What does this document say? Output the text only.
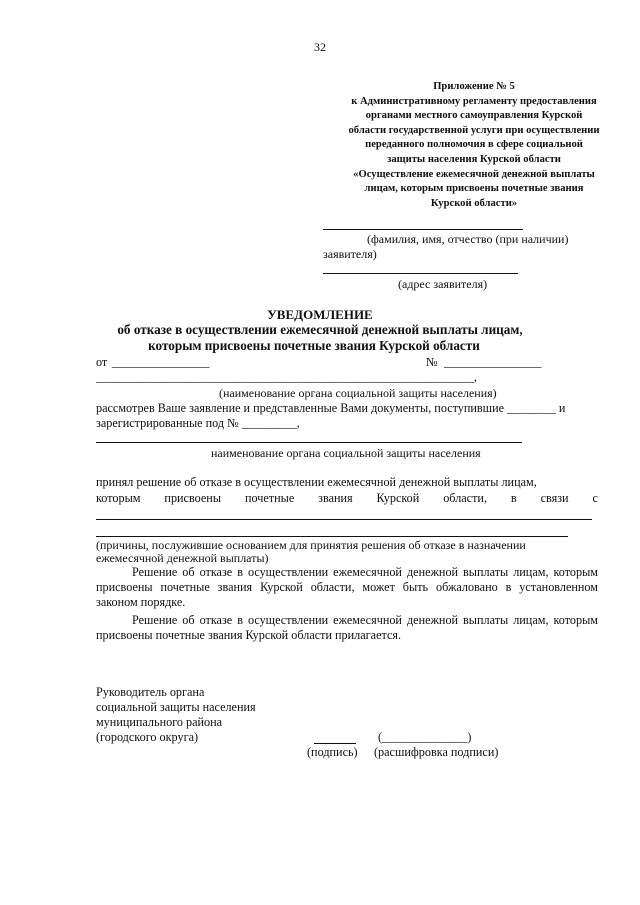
32
Приложение № 5
к Административному регламенту предоставления
органами местного самоуправления Курской
области государственной услуги при осуществлении
переданного полномочия в сфере социальной
защиты населения Курской области
«Осуществление ежемесячной денежной выплаты
лицам, которым присвоены почетные звания
Курской области»
(фамилия, имя, отчество (при наличии)
заявителя)
(адрес заявителя)
УВЕДОМЛЕНИЕ
об отказе в осуществлении ежемесячной денежной выплаты лицам,
которым присвоены почетные звания Курской области
от ________________	№ ________________
______________________________________________________________,
(наименование органа социальной защиты населения)
рассмотрев Ваше заявление и представленные Вами документы, поступившие ________ и
зарегистрированные под № _________,
наименование органа социальной защиты населения
принял решение об отказе в осуществлении ежемесячной денежной выплаты лицам,
которым присвоены почетные звания Курской области, в связи с
(причины, послужившие основанием для принятия решения об отказе в назначении
ежемесячной денежной выплаты)
Решение об отказе в осуществлении ежемесячной денежной выплаты лицам, которым присвоены почетные звания Курской области, может быть обжаловано в установленном законом порядке.
Решение об отказе в осуществлении ежемесячной денежной выплаты лицам, которым присвоены почетные звания Курской области прилагается.
Руководитель органа
социальной защиты населения
муниципального района
(городского округа)
(подпись)
(______________)
(расшифровка подписи)
